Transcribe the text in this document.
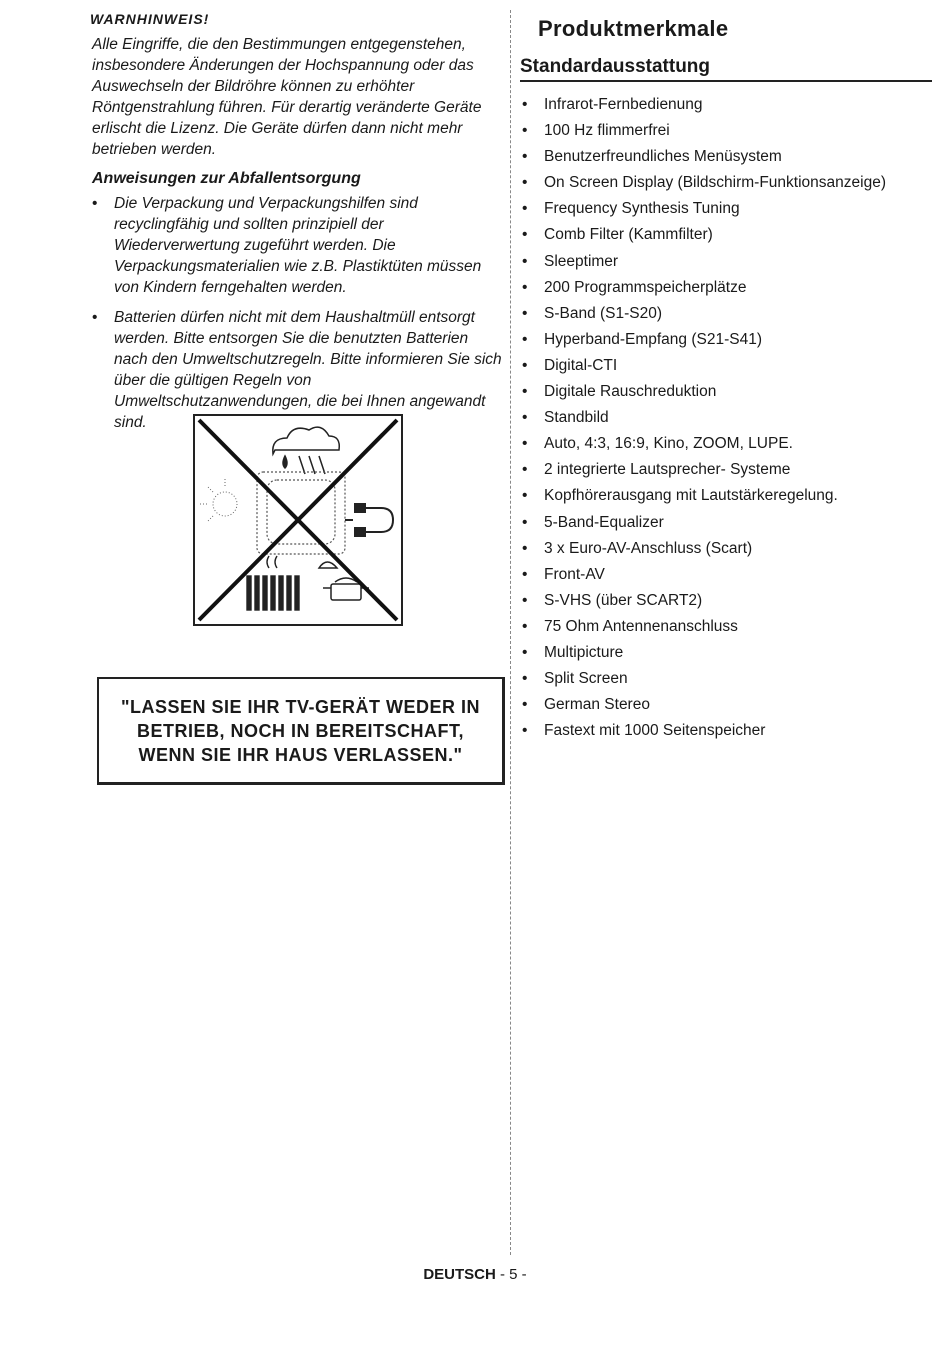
WARNHINWEIS!

Alle Eingriffe, die den Bestimmungen entgegenstehen, insbesondere Änderungen der Hochspannung oder das Auswechseln der Bildröhre können zu erhöhter Röntgenstrahlung führen. Für derartig veränderte Geräte erlischt die Lizenz. Die Geräte dürfen dann nicht mehr betrieben werden.

Anweisungen zur Abfallentsorgung

• Die Verpackung und Verpackungshilfen sind recyclingfähig und sollten prinzipiell der Wiederverwertung zugeführt werden. Die Verpackungsmaterialien wie z.B. Plastiktüten müssen von Kindern ferngehalten werden.
• Batterien dürfen nicht mit dem Haushaltmüll entsorgt werden. Bitte entsorgen Sie die benutzten Batterien nach den Umweltschutzregeln. Bitte informieren Sie sich über die gültigen Regeln von Umweltschutzanwendungen, die bei Ihnen angewandt sind.

"LASSEN SIE IHR TV-GERÄT WEDER IN BETRIEB, NOCH IN BEREITSCHAFT, WENN SIE IHR HAUS VERLASSEN."

Produktmerkmale
Standardausstattung
• Infrarot-Fernbedienung
• 100 Hz flimmerfrei
• Benutzerfreundliches Menüsystem
• On Screen Display (Bildschirm-Funktionsanzeige)
• Frequency Synthesis Tuning
• Comb Filter (Kammfilter)
• Sleeptimer
• 200 Programmspeicherplätze
• S-Band (S1-S20)
• Hyperband-Empfang (S21-S41)
• Digital-CTI
• Digitale Rauschreduktion
• Standbild
• Auto, 4:3, 16:9, Kino, ZOOM, LUPE.
• 2 integrierte Lautsprecher- Systeme
• Kopfhörerausgang mit Lautstärkeregelung.
• 5-Band-Equalizer
• 3 x Euro-AV-Anschluss (Scart)
• Front-AV
• S-VHS (über SCART2)
• 75 Ohm Antennenanschluss
• Multipicture
• Split Screen
• German Stereo
• Fastext mit 1000 Seitenspeicher
DEUTSCH - 5 -
